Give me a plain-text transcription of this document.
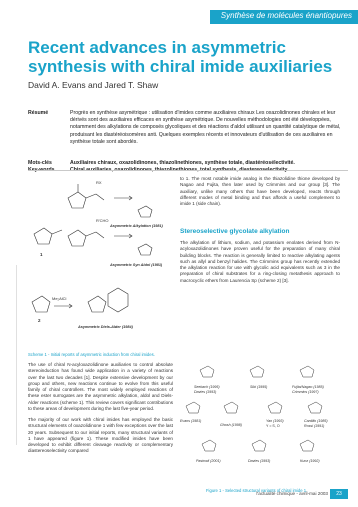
Synthèse de molécules énantiopures
Recent advances in asymmetric synthesis with chiral imide auxiliaries
David A. Evans and Jared T. Shaw
Résumé	Progrès en synthèse asymétrique : utilisation d'imides comme auxiliaires chiraux Les oxazolidinones chirales et leur dérivés sont des auxiliaires efficaces en synthèse asymétrique. De nouvelles méthodologies ont été développées, notamment des alkylations de composés glycoliques et des réactions d'aldol utilisant un quantité catalytique de métal, produisant les diastéréoisomères anti. Quelques exemples récents et innovateurs d'utilisation de ces auxiliaires en synthèse totale sont abordés.
Mots-clés	Auxiliaires chiraux, oxazolidinones, thiazolinethiones, synthèse totale, diastéréosélectivité.
Key-words	Chiral auxiliaries, oxazolidinones, thiazolinethiones, total synthesis, diastereoselectivity.
RX
R'CHO
Me₂AlCl
Asymmetric Alkylation (1981)
Asymmetric Syn Aldol (1981)
Asymmetric Diels-Alder (1984)
1
2
Scheme 1 - Initial reports of asymmetric induction from chiral imides.
to 1. The most notable imide analog is the thiazolidine thione developed by Nagao and Fujita, then later used by Crimmins and our group [3]. The auxiliary, unlike many others that have been developed, reacts through different modes of metal binding and thus affords a useful complement to imide 1 (side chain).
Stereoselective glycolate alkylation
The alkylation of lithium, sodium, and potassium enolates derived from N-acyloxazolidinones have proven useful for the preparation of many chiral building blocks. The reaction is generally limited to reactive alkylating agents such as allyl and benzyl halides. The Crimmins group has recently extended the alkylation reaction for use with glycolic acid equivalents such as 3 in the preparation of chiral substrates for a ring-closing metathesis approach to macrocyclic ethers from Laurencia Sp (scheme 2) [3].
The use of chiral N-acyloxazolidinone auxiliaries to control absolute stereoinduction has found wide application in a variety of reactions over the last two decades [1]. Despite extensive development by our group and others, new reactions continue to evolve from this useful family of chiral controllers. The most widely employed reactions of these ester surrogates are the asymmetric alkylation, aldol and Diels-Alder reactions (scheme 1). This review covers significant contributions to these areas of development during the last five-year period.
The majority of our work with chiral imides has employed the basic structural elements of oxazolidinone 1 with few exceptions over the last 20 years. Subsequent to our initial reports, many structural variants of 1 have appeared (figure 1). These modified imides have been developed to exhibit different cleavage reactivity or complementary diastereoselectivity compared
Seebach (1995)
Davies (1993)
Sibi (1995)	Fujita/Nagao (1985)
Crimmins (1997)
Evans (1981)
Ghosh (1998)
Yan (1993)
Y = S, O
Cardillo (1985)
Rossi (1991)
Pastrodi (2001)	Davies (1993)	Kunz (1992)
Figure 1 - Selected structural variants of chiral imide 1.
l'actualité chimique - avril-mai 2003	23
